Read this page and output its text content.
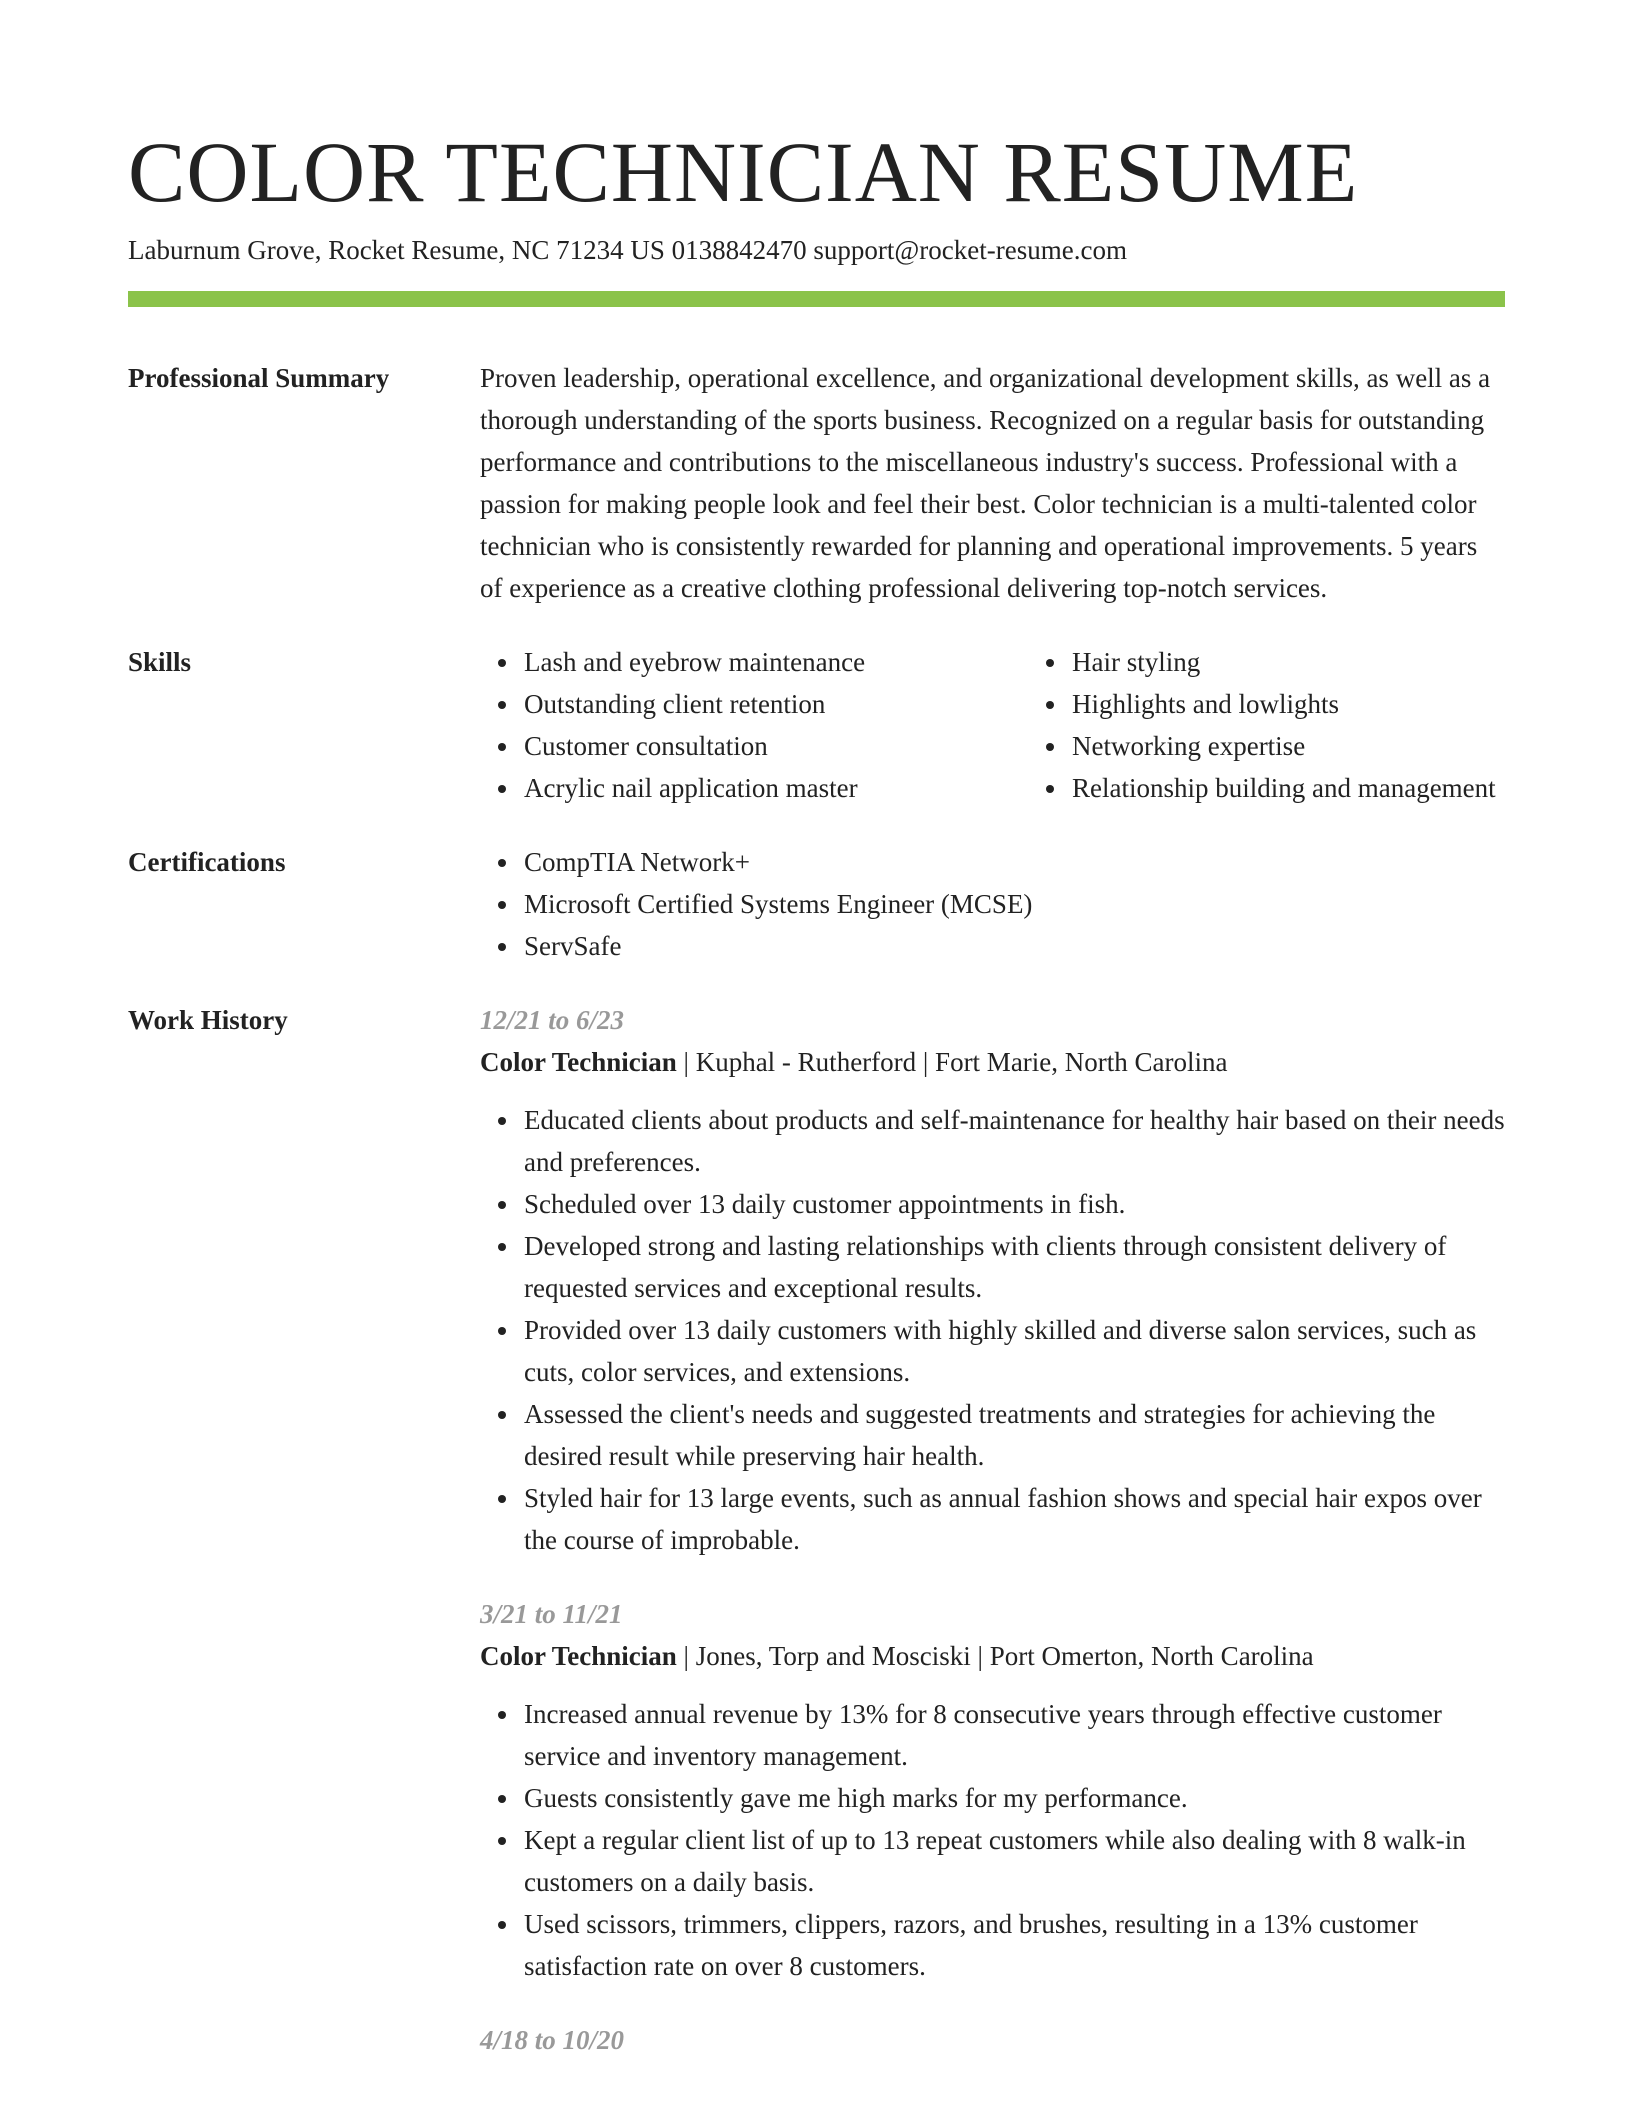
COLOR TECHNICIAN RESUME
Laburnum Grove, Rocket Resume, NC 71234 US 0138842470 support@rocket-resume.com
Professional Summary	Proven leadership, operational excellence, and organizational development skills, as well as a thorough understanding of the sports business. Recognized on a regular basis for outstanding performance and contributions to the miscellaneous industry's success. Professional with a passion for making people look and feel their best. Color technician is a multi-talented color technician who is consistently rewarded for planning and operational improvements. 5 years of experience as a creative clothing professional delivering top-notch services.
Skills	Lash and eyebrow maintenance
Outstanding client retention
Customer consultation
Acrylic nail application master
Hair styling
Highlights and lowlights
Networking expertise
Relationship building and management
Certifications	CompTIA Network+
Microsoft Certified Systems Engineer (MCSE)
ServSafe
Work History	12/21 to 6/23
Color Technician | Kuphal - Rutherford | Fort Marie, North Carolina
Educated clients about products and self-maintenance for healthy hair based on their needs and preferences.
Scheduled over 13 daily customer appointments in fish.
Developed strong and lasting relationships with clients through consistent delivery of requested services and exceptional results.
Provided over 13 daily customers with highly skilled and diverse salon services, such as cuts, color services, and extensions.
Assessed the client's needs and suggested treatments and strategies for achieving the desired result while preserving hair health.
Styled hair for 13 large events, such as annual fashion shows and special hair expos over the course of improbable.
3/21 to 11/21
Color Technician | Jones, Torp and Mosciski | Port Omerton, North Carolina
Increased annual revenue by 13% for 8 consecutive years through effective customer service and inventory management.
Guests consistently gave me high marks for my performance.
Kept a regular client list of up to 13 repeat customers while also dealing with 8 walk-in customers on a daily basis.
Used scissors, trimmers, clippers, razors, and brushes, resulting in a 13% customer satisfaction rate on over 8 customers.
4/18 to 10/20
